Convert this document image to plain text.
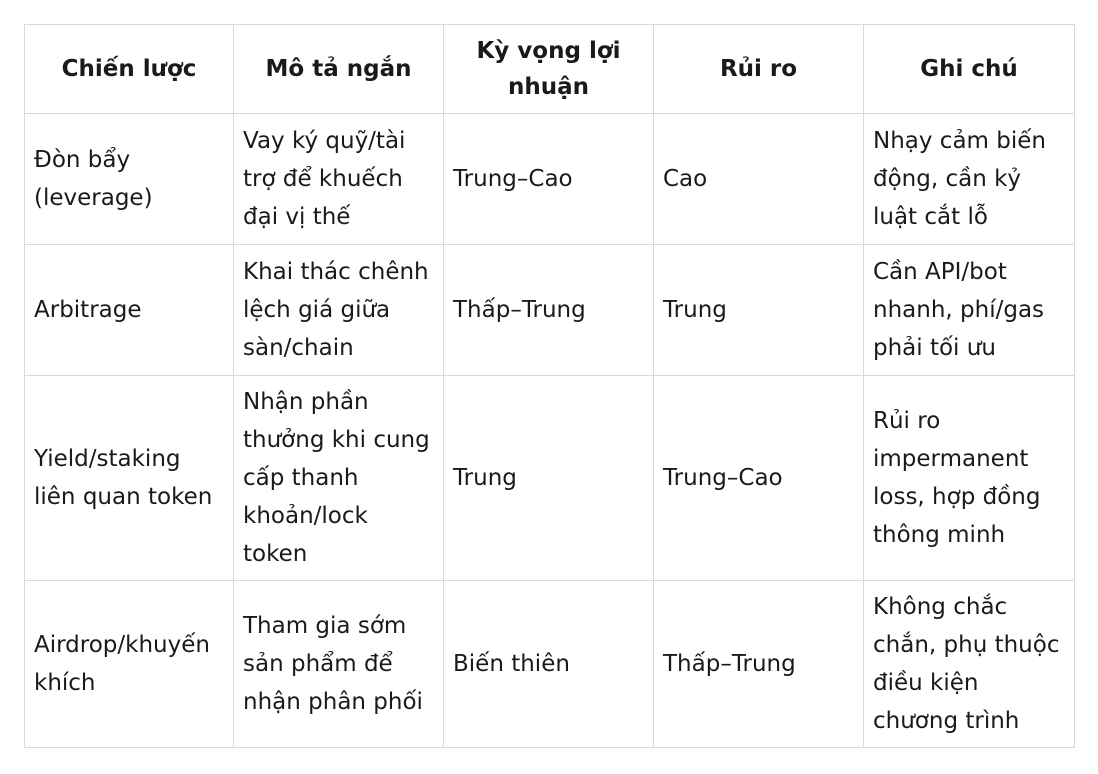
Chiến lược	Mô tả ngắn	Kỳ vọng lợi nhuận	Rủi ro	Ghi chú
Đòn bẩy (leverage)	Vay ký quỹ/tài trợ để khuếch đại vị thế	Trung–Cao	Cao	Nhạy cảm biến động, cần kỷ luật cắt lỗ
Arbitrage	Khai thác chênh lệch giá giữa sàn/chain	Thấp–Trung	Trung	Cần API/bot nhanh, phí/gas phải tối ưu
Yield/staking liên quan token	Nhận phần thưởng khi cung cấp thanh khoản/lock token	Trung	Trung–Cao	Rủi ro impermanent loss, hợp đồng thông minh
Airdrop/khuyến khích	Tham gia sớm sản phẩm để nhận phân phối	Biến thiên	Thấp–Trung	Không chắc chắn, phụ thuộc điều kiện chương trình
